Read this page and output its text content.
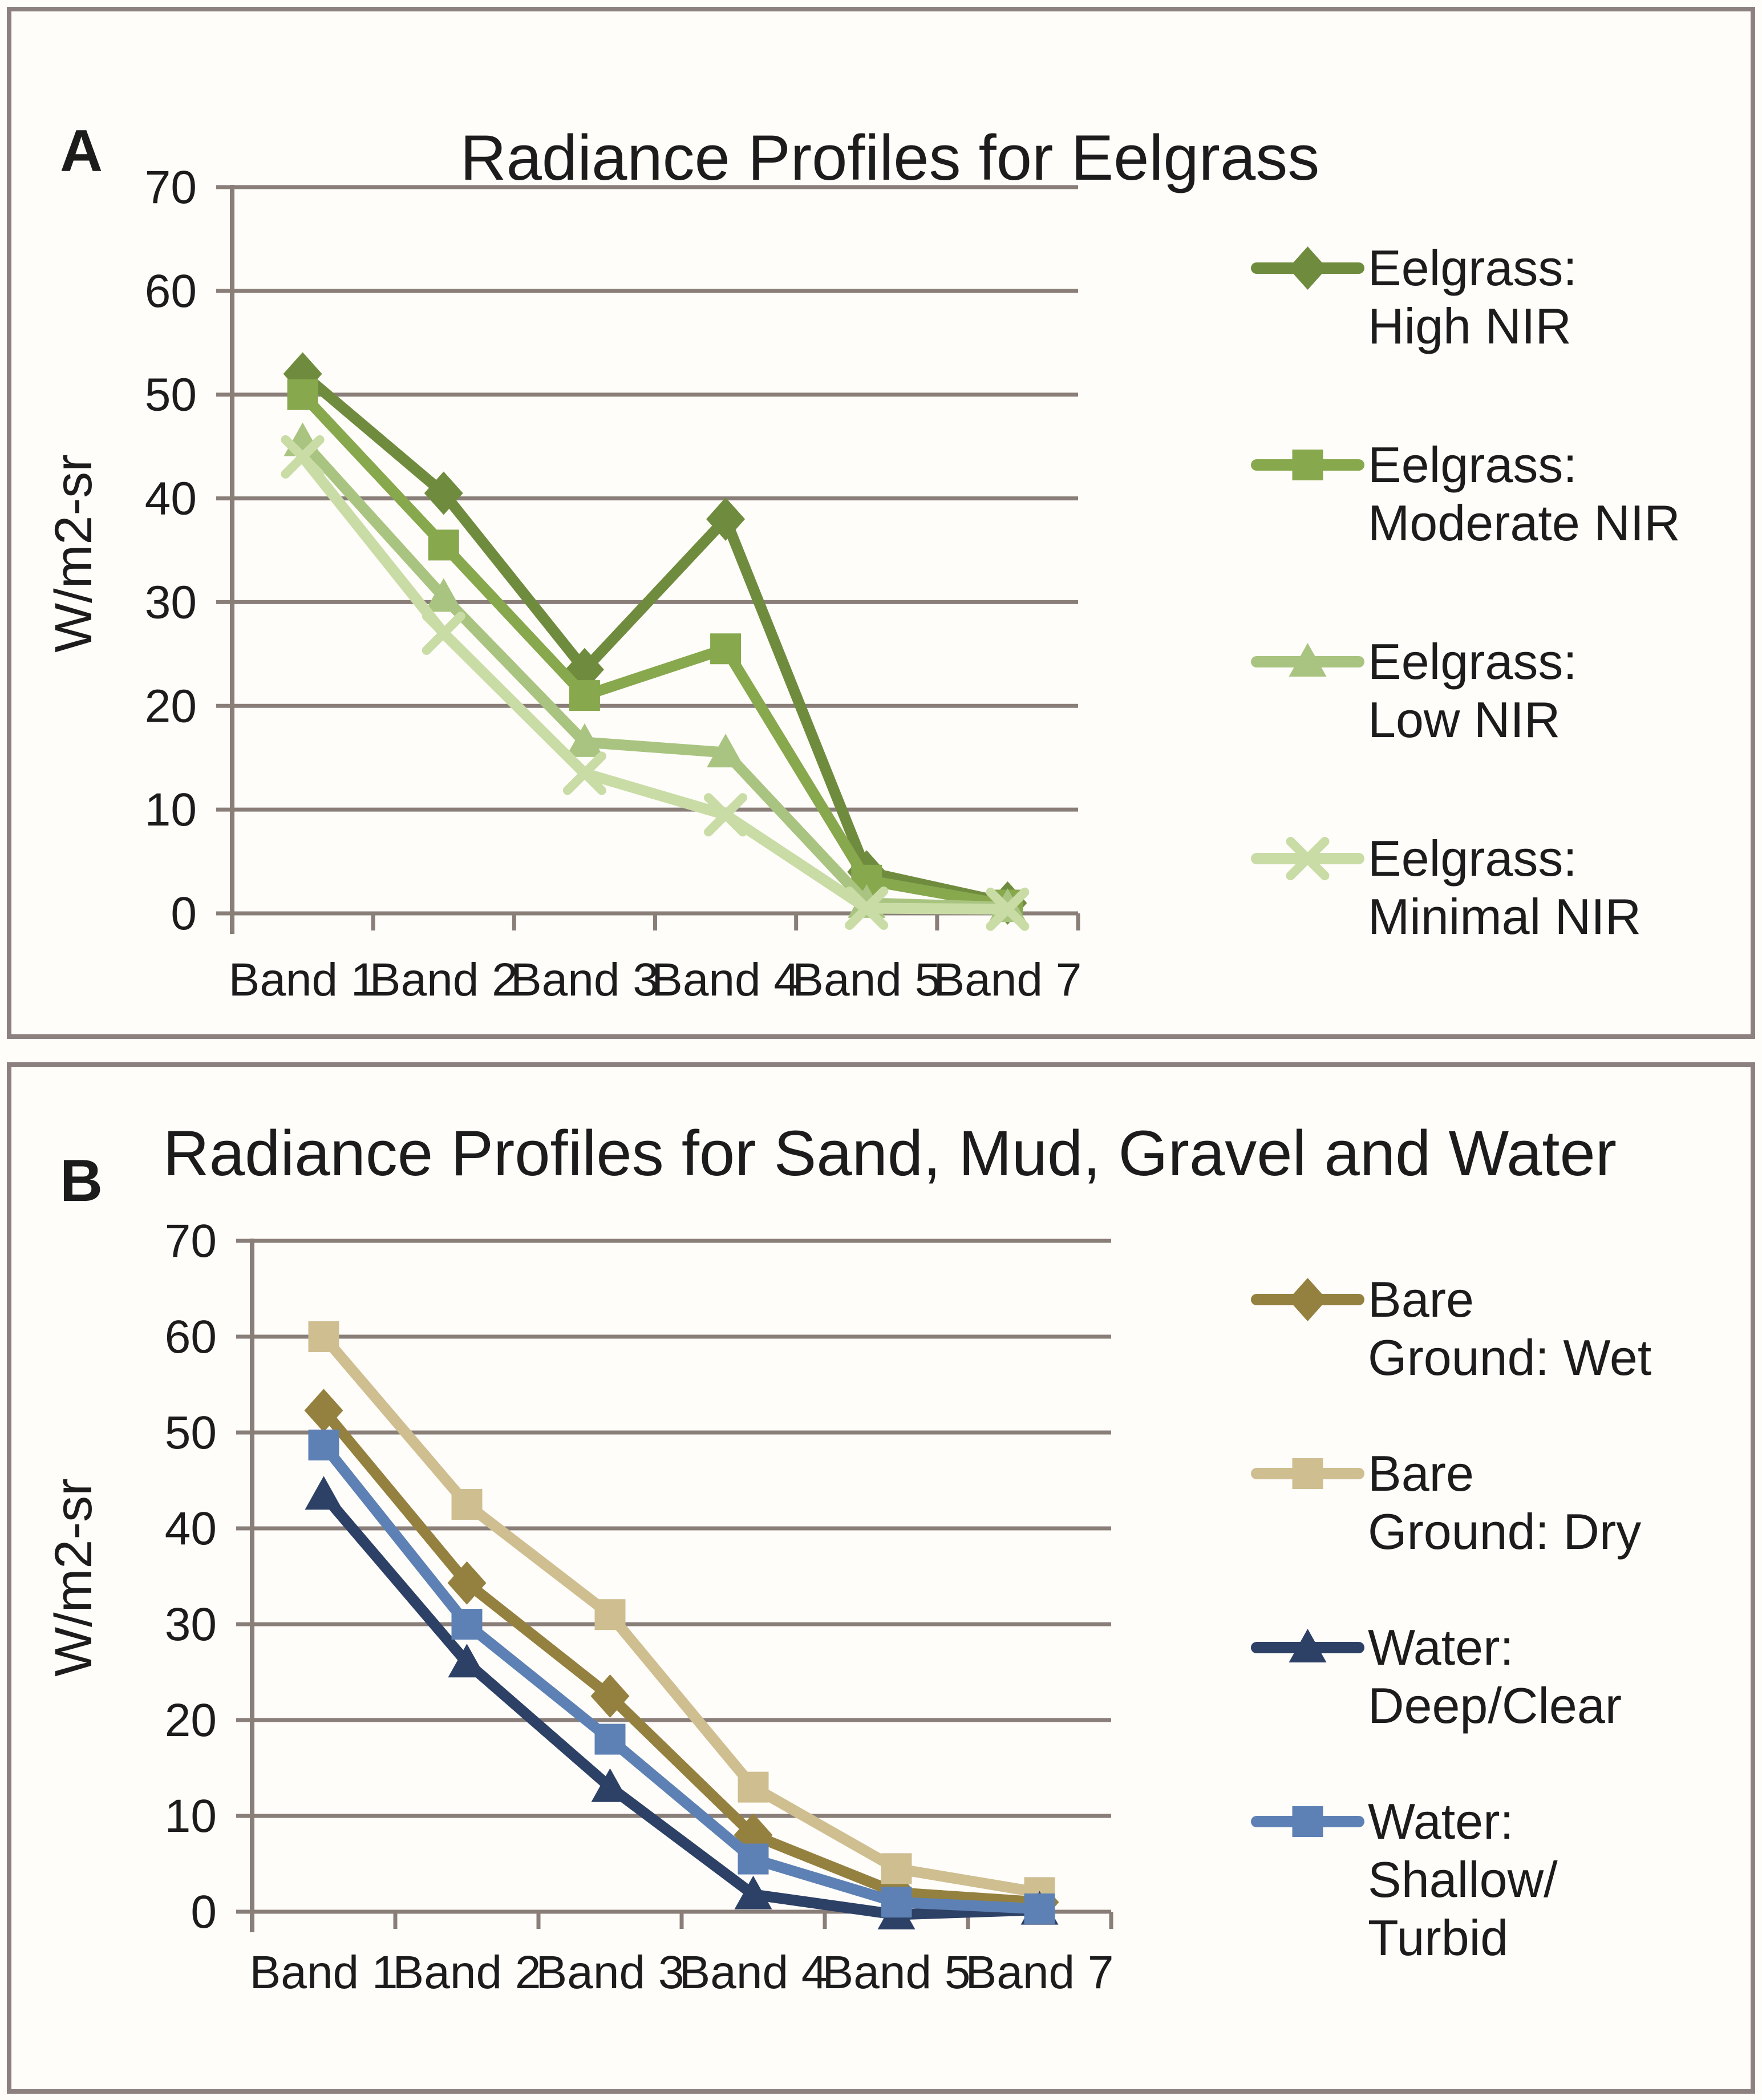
A	Radiance Profiles for Eelgrass
W/m2-sr
0
10
20
30
40
50
60
70
Band 1
Band 2
Band 3
Band 4
Band 5
Band 7
Eelgrass:
High NIR
Eelgrass:
Moderate NIR
Eelgrass:
Low NIR
Eelgrass:
Minimal NIR
B Radiance Profiles for Sand, Mud, Gravel and Water
W/m2-sr
0
10
20
30
40
50
60
70
Band 1
Band 2
Band 3
Band 4
Band 5
Band 7
Bare
Ground: Wet
Bare
Ground: Dry
Water:
Deep/Clear
Water:
Shallow/
Turbid
